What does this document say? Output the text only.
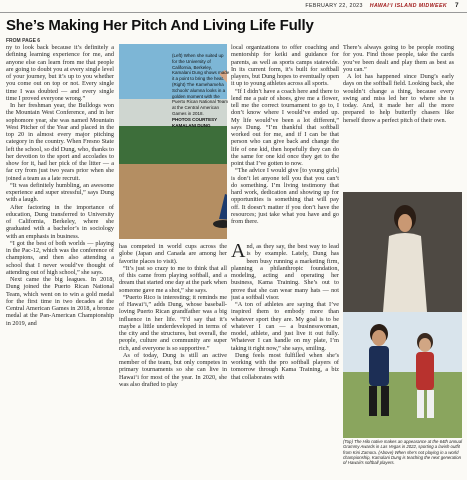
FEBRUARY 22, 2023 HAWAIʻI ISLAND MIDWEEK 7
She’s Making Her Pitch And Living Life Fully
FROM PAGE 6

ny to look back because it’s definitely a defining learning experience for me, and anyone else can learn from me that people are going to doubt you at every single level of your journey, but it’s up to you whether you come out on top or not. Every single time I was doubted — and every single time I proved everyone wrong.”

In her freshman year, the Bulldogs won the Mountain West Conference, and in her sophomore year, she was named Mountain West Pitcher of the Year and placed in the top 20 in almost every major pitching category in the country. When Fresno State left the school, so did Dung, who, thanks to her devotion to the sport and accolades to show for it, had her pick of the litter — a far cry from just two years prior when she joined a team as a late recruit.

“It was definitely humbling, an awesome experience and super stressful,” says Dung with a laugh.

After factoring in the importance of education, Dung transferred to University of California, Berkeley, where she graduated with a bachelor’s in sociology with an emphasis in business.

“I got the best of both worlds — playing in the Pac-12, which was the conference of champions, and then also attending a school that I never would’ve thought of attending out of high school,” she says.

Next came the big leagues. In 2018, Dung joined the Puerto Rican National Team, which went on to win a gold medal for the first time in two decades at the Central American Games in 2018, a bronze medal at the Pan-American Championship in 2019, and

(Left) When she suited up for the University of California, Berkeley, Kamalani Dung shows made it a point to bring the heat. (Right) The Kamehameha Schools’ alumna looks in a golden moment with the Puerto Rican National Team at the Central American Games in 2018.
PHOTOS COURTESY KAMALANI DUNG

has competed in world cups across the globe (Japan and Canada are among her favorite places to visit).

“It’s just so crazy to me to think that all of this came from playing softball, and a dream that started one day at the park when someone gave me a shot,” she says.

“Puerto Rico is interesting; it reminds me of Hawaiʻi,” adds Dung, whose baseball-loving Puerto Rican grandfather was a big influence in her life. “I’d say that it’s maybe a little underdeveloped in terms of the city and the structures, but overall, the people, culture and community are super rich, and everyone is so supportive.”

As of today, Dung is still an active member of the team, but only competes in primary tournaments so she can live in Hawaiʻi for most of the year. In 2020, she was also drafted to play

(Top) The Hilo native makes an appearance at the 64th annual Grammy Awards in Las Vegas in 2022, sporting a lavish outfit from Kini Zamora. (Above) When she’s not playing in a world championship, Kamalani Dung is teaching the next generation of Hawaii’s softball players.

local organizations to offer coaching and mentorship for keiki and guidance for parents, as well as sports camps statewide. In its current form, it’s built for softball players, but Dung hopes to eventually open it up to young athletes across all sports.

“If I didn’t have a coach here and there to lend me a pair of shoes, give me a flower, tell me the correct tournament to go to, I don’t know where I would’ve ended up. My life would’ve been a lot different,” says Dung. “I’m thankful that softball worked out for me, and if I can be that person who can give back and change the life of one kid, then hopefully they can do the same for one kid once they get to the point that I’ve gotten to now.

“The advice I would give [to young girls] is don’t let anyone tell you that you can’t do something. I’m living testimony that hard work, dedication and showing up for opportunities is something that will pay off. It doesn’t matter if you don’t have the resources; just take what you have and go from there.

There’s always going to be people rooting for you. Find those people, take the cards you’ve been dealt and play them as best as you can.”

A lot has happened since Dung’s early days on the softball field. Looking back, she wouldn’t change a thing, because every swing and miss led her to where she is today. And, it made her all the more prepared to help butterfly chasers like herself throw a perfect pitch of their own.

And, as they say, the best way to lead is by example. Lately, Dung has been busy running a marketing firm, planning a philanthropic foundation, modeling, acting and operating her business, Kama Training. She’s out to prove that she can wear many hats — not just a softball visor.

“A ton of athletes are saying that I’ve inspired them to embody more than whatever sport they are. My goal is to be whatever I can — a businesswoman, model, athlete, and just live it out fully. Whatever I can handle on my plate, I’m taking it right now,” she says, smiling.

Dung feels most fulfilled when she’s working with the pro softball players of tomorrow through Kama Training, a biz that collaborates with
